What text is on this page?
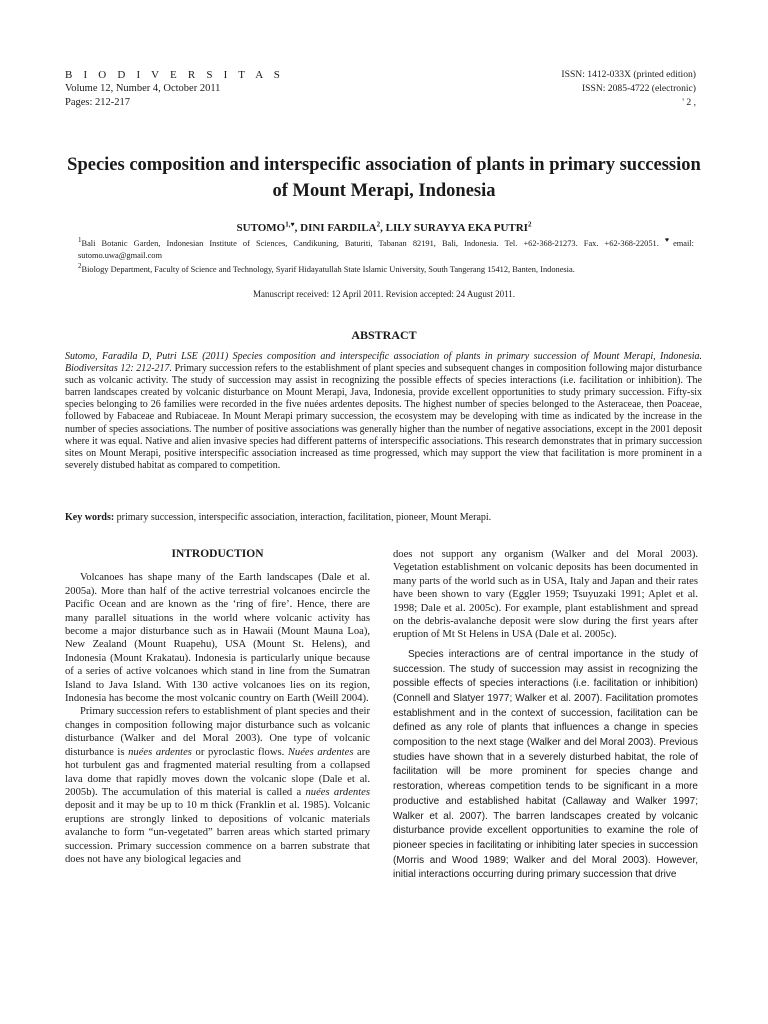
B I O D I V E R S I T A S
Volume 12, Number 4, October 2011
Pages: 212-217
ISSN: 1412-033X (printed edition)
ISSN: 2085-4722 (electronic)
' 2 ,
Species composition and interspecific association of plants in primary succession of Mount Merapi, Indonesia
$SUTOMO^{1,♥}$, DINI FARDILA$^2$, LILY SURAYYA EKA PUTRI$^2$
$^1$Bali Botanic Garden, Indonesian Institute of Sciences, Candikuning, Baturiti, Tabanan 82191, Bali, Indonesia. Tel. +62-368-21273. Fax. +62-368-22051. ♥email: sutomo.uwa@gmail.com
$^2$Biology Department, Faculty of Science and Technology, Syarif Hidayatullah State Islamic University, South Tangerang 15412, Banten, Indonesia.
Manuscript received: 12 April 2011. Revision accepted: 24 August 2011.
ABSTRACT
Sutomo, Faradila D, Putri LSE (2011) Species composition and interspecific association of plants in primary succession of Mount Merapi, Indonesia. Biodiversitas 12: 212-217. Primary succession refers to the establishment of plant species and subsequent changes in composition following major disturbance such as volcanic activity. The study of succession may assist in recognizing the possible effects of species interactions (i.e. facilitation or inhibition). The barren landscapes created by volcanic disturbance on Mount Merapi, Java, Indonesia, provide excellent opportunities to study primary succession. Fifty-six species belonging to 26 families were recorded in the five nuées ardentes deposits. The highest number of species belonged to the Asteraceae, then Poaceae, followed by Fabaceae and Rubiaceae. In Mount Merapi primary succession, the ecosystem may be developing with time as indicated by the increase in the number of species associations. The number of positive associations was generally higher than the number of negative associations, except in the 2001 deposit where it was equal. Native and alien invasive species had different patterns of interspecific associations. This research demonstrates that in primary succession sites on Mount Merapi, positive interspecific association increased as time progressed, which may support the view that facilitation is more prominent in a severely distubed habitat as compared to competition.
Key words: primary succession, interspecific association, interaction, facilitation, pioneer, Mount Merapi.
INTRODUCTION

Volcanoes has shape many of the Earth landscapes (Dale et al. 2005a). More than half of the active terrestrial volcanoes encircle the Pacific Ocean and are known as the ‘ring of fire’. Hence, there are many parallel situations in the world where volcanic activity has become a major disturbance such as in Hawaii (Mount Mauna Loa), New Zealand (Mount Ruapehu), USA (Mount St. Helens), and Indonesia (Mount Krakatau). Indonesia is particularly unique because of a series of active volcanoes which stand in line from the Sumatran Island to Java Island. With 130 active volcanoes lies on its region, Indonesia has become the most volcanic country on Earth (Weill 2004).

Primary succession refers to establishment of plant species and their changes in composition following major disturbance such as volcanic disturbance (Walker and del Moral 2003). One type of volcanic disturbance is nuées ardentes or pyroclastic flows. Nuées ardentes are hot turbulent gas and fragmented material resulting from a collapsed lava dome that rapidly moves down the volcanic slope (Dale et al. 2005b). The accumulation of this material is called a nuées ardentes deposit and it may be up to 10 m thick (Franklin et al. 1985). Volcanic eruptions are strongly linked to depositions of volcanic materials avalanche to form “un-vegetated” barren areas which started primary succession. Primary succession commence on a barren substrate that does not have any biological legacies and

does not support any organism (Walker and del Moral 2003). Vegetation establishment on volcanic deposits has been documented in many parts of the world such as in USA, Italy and Japan and their rates have been shown to vary (Eggler 1959; Tsuyuzaki 1991; Aplet et al. 1998; Dale et al. 2005c). For example, plant establishment and spread on the debris-avalanche deposit were slow during the first years after eruption of Mt St Helens in USA (Dale et al. 2005c).

Species interactions are of central importance in the study of succession. The study of succession may assist in recognizing the possible effects of species interactions (i.e. facilitation or inhibition) (Connell and Slatyer 1977; Walker et al. 2007). Facilitation promotes establishment and in the context of succession, facilitation can be defined as any role of plants that influences a change in species composition to the next stage (Walker and del Moral 2003). Previous studies have shown that in a severely disturbed habitat, the role of facilitation will be more prominent for species change and restoration, whereas competition tends to be significant in a more productive and established habitat (Callaway and Walker 1997; Walker et al. 2007). The barren landscapes created by volcanic disturbance provide excellent opportunities to examine the role of pioneer species in facilitating or inhibiting later species in succession (Morris and Wood 1989; Walker and del Moral 2003). However, initial interactions occurring during primary succession that drive
